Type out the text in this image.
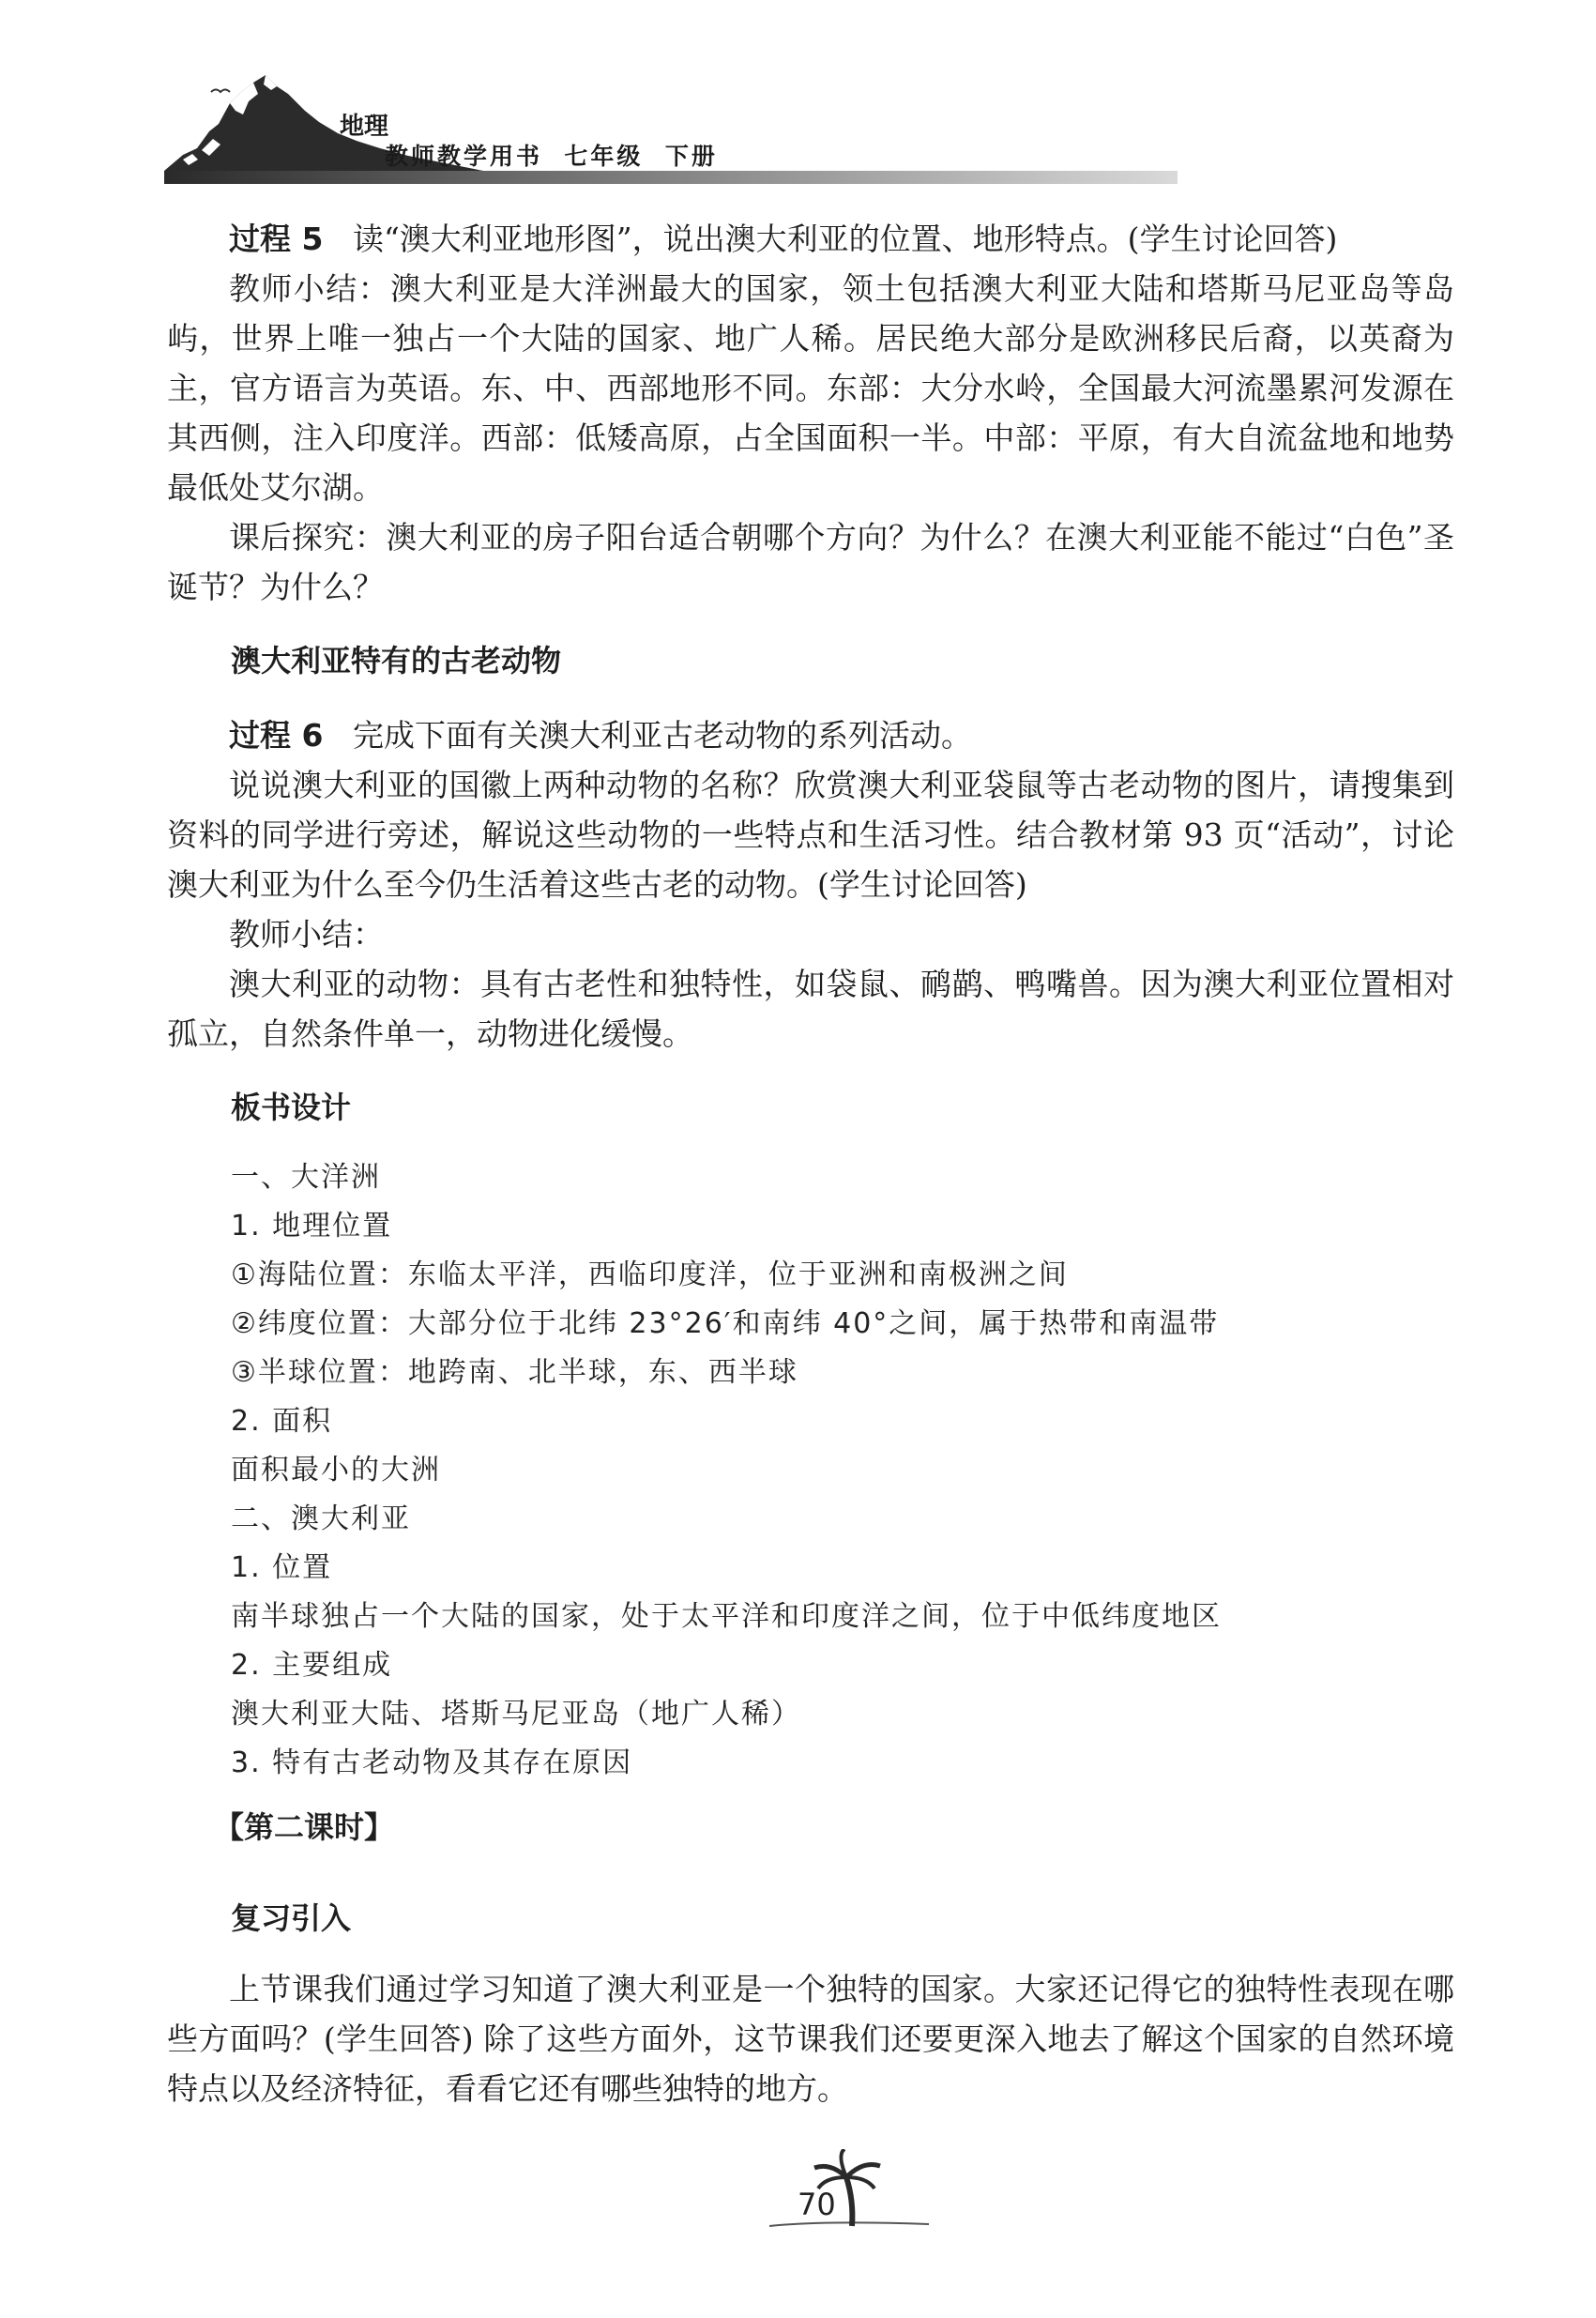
地理
教师教学用书  七年级  下册

过程 5 读“澳大利亚地形图”，说出澳大利亚的位置、地形特点。(学生讨论回答)

教师小结：澳大利亚是大洋洲最大的国家，领土包括澳大利亚大陆和塔斯马尼亚岛等岛屿，世界上唯一独占一个大陆的国家、地广人稀。居民绝大部分是欧洲移民后裔，以英裔为主，官方语言为英语。东、中、西部地形不同。东部：大分水岭，全国最大河流墨累河发源在其西侧，注入印度洋。西部：低矮高原，占全国面积一半。中部：平原，有大自流盆地和地势最低处艾尔湖。

课后探究：澳大利亚的房子阳台适合朝哪个方向？为什么？在澳大利亚能不能过“白色”圣诞节？为什么？

澳大利亚特有的古老动物

过程 6 完成下面有关澳大利亚古老动物的系列活动。

说说澳大利亚的国徽上两种动物的名称？欣赏澳大利亚袋鼠等古老动物的图片，请搜集到资料的同学进行旁述，解说这些动物的一些特点和生活习性。结合教材第 93 页“活动”，讨论澳大利亚为什么至今仍生活着这些古老的动物。(学生讨论回答)

教师小结：

澳大利亚的动物：具有古老性和独特性，如袋鼠、鸸鹋、鸭嘴兽。因为澳大利亚位置相对孤立，自然条件单一，动物进化缓慢。

板书设计

一、大洋洲

1. 地理位置

①海陆位置：东临太平洋，西临印度洋，位于亚洲和南极洲之间

②纬度位置：大部分位于北纬 23°26′和南纬 40°之间，属于热带和南温带

③半球位置：地跨南、北半球，东、西半球

2. 面积

面积最小的大洲

二、澳大利亚

1. 位置

南半球独占一个大陆的国家，处于太平洋和印度洋之间，位于中低纬度地区

2. 主要组成

澳大利亚大陆、塔斯马尼亚岛（地广人稀）

3. 特有古老动物及其存在原因

【第二课时】

复习引入

上节课我们通过学习知道了澳大利亚是一个独特的国家。大家还记得它的独特性表现在哪些方面吗？(学生回答) 除了这些方面外，这节课我们还要更深入地去了解这个国家的自然环境特点以及经济特征，看看它还有哪些独特的地方。

70
